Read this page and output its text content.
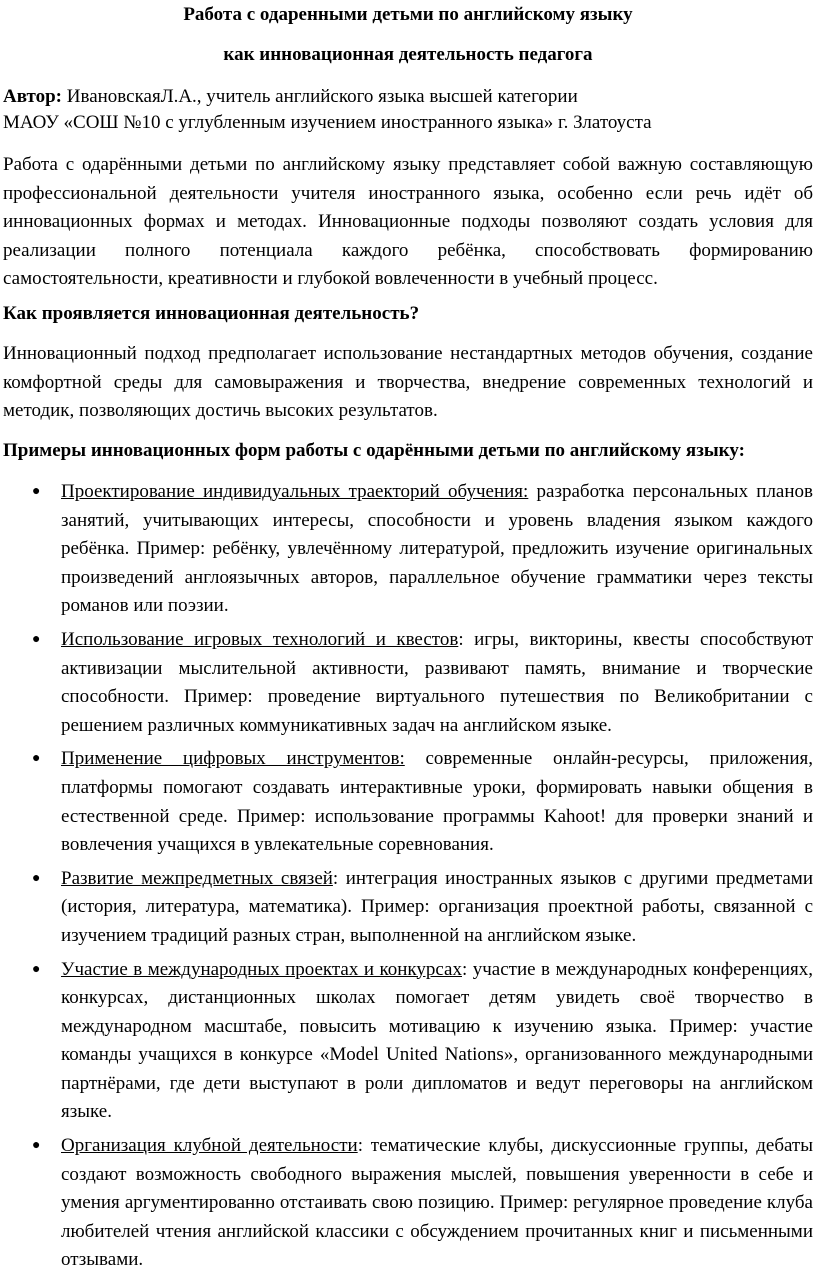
Работа с одаренными детьми по английскому языку

как инновационная деятельность педагога

Автор: ИвановскаяЛ.А., учитель английского языка высшей категории

МАОУ «СОШ №10 с углубленным изучением иностранного языка» г. Златоуста

Работа с одарёнными детьми по английскому языку представляет собой важную составляющую профессиональной деятельности учителя иностранного языка, особенно если речь идёт об инновационных формах и методах. Инновационные подходы позволяют создать условия для реализации полного потенциала каждого ребёнка, способствовать формированию самостоятельности, креативности и глубокой вовлеченности в учебный процесс.

Как проявляется инновационная деятельность?

Инновационный подход предполагает использование нестандартных методов обучения, создание комфортной среды для самовыражения и творчества, внедрение современных технологий и методик, позволяющих достичь высоких результатов.

Примеры инновационных форм работы с одарёнными детьми по английскому языку:

● Проектирование индивидуальных траекторий обучения: разработка персональных планов занятий, учитывающих интересы, способности и уровень владения языком каждого ребёнка. Пример: ребёнку, увлечённому литературой, предложить изучение оригинальных произведений англоязычных авторов, параллельное обучение грамматики через тексты романов или поэзии.
● Использование игровых технологий и квестов: игры, викторины, квесты способствуют активизации мыслительной активности, развивают память, внимание и творческие способности. Пример: проведение виртуального путешествия по Великобритании с решением различных коммуникативных задач на английском языке.
● Применение цифровых инструментов: современные онлайн-ресурсы, приложения, платформы помогают создавать интерактивные уроки, формировать навыки общения в естественной среде. Пример: использование программы Kahoot! для проверки знаний и вовлечения учащихся в увлекательные соревнования.
● Развитие межпредметных связей: интеграция иностранных языков с другими предметами (история, литература, математика). Пример: организация проектной работы, связанной с изучением традиций разных стран, выполненной на английском языке.
● Участие в международных проектах и конкурсах: участие в международных конференциях, конкурсах, дистанционных школах помогает детям увидеть своё творчество в международном масштабе, повысить мотивацию к изучению языка. Пример: участие команды учащихся в конкурсе «Model United Nations», организованного международными партнёрами, где дети выступают в роли дипломатов и ведут переговоры на английском языке.
● Организация клубной деятельности: тематические клубы, дискуссионные группы, дебаты создают возможность свободного выражения мыслей, повышения уверенности в себе и умения аргументированно отстаивать свою позицию. Пример: регулярное проведение клуба любителей чтения английской классики с обсуждением прочитанных книг и письменными отзывами.
